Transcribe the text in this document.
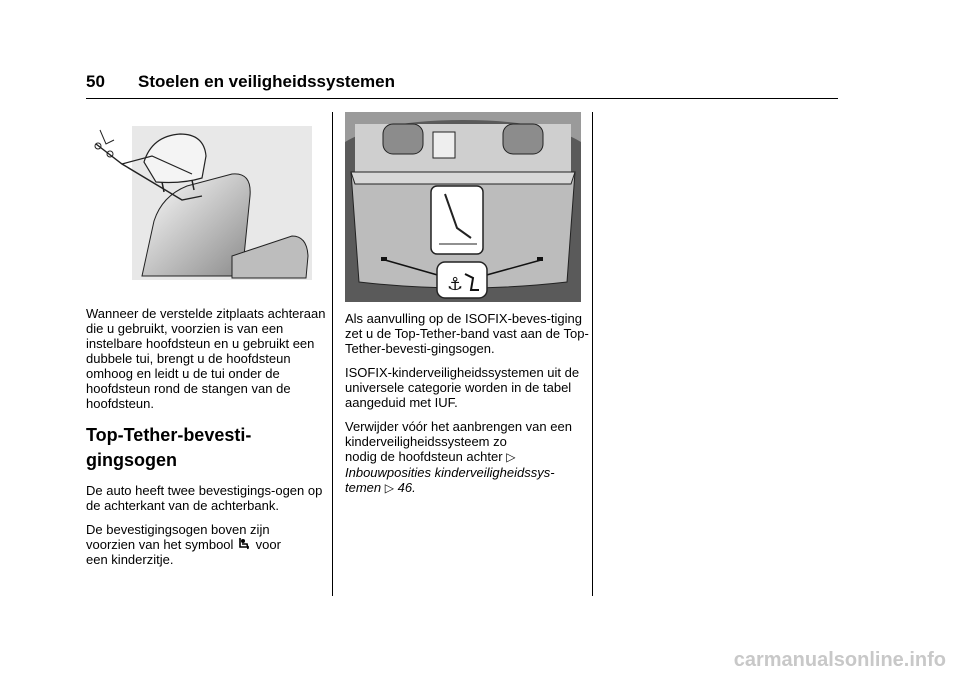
50 Stoelen en veiligheidssystemen
⚓

Wanneer de verstelde zitplaats achteraan die u gebruikt, voorzien is van een instelbare hoofdsteun en u gebruikt een dubbele tui, brengt u de hoofdsteun omhoog en leidt u de tui onder de hoofdsteun rond de stangen van de hoofdsteun.

Top-Tether-bevesti-
gingsogen

De auto heeft twee bevestigings-ogen op de achterkant van de achterbank.

De bevestigingsogen boven zijn
voorzien van het symbool voor
een kinderzitje.

Als aanvulling op de ISOFIX-beves-tiging zet u de Top-Tether-band vast aan de Top-Tether-bevesti-gingsogen.

ISOFIX-kinderveiligheidssystemen uit de universele categorie worden in de tabel aangeduid met IUF.

Verwijder vóór het aanbrengen van een kinderveiligheidssysteem zo
nodig de hoofdsteun achter ▷
Inbouwposities kinderveiligheidssys-temen ▷ 46.

carmanualsonline.info
